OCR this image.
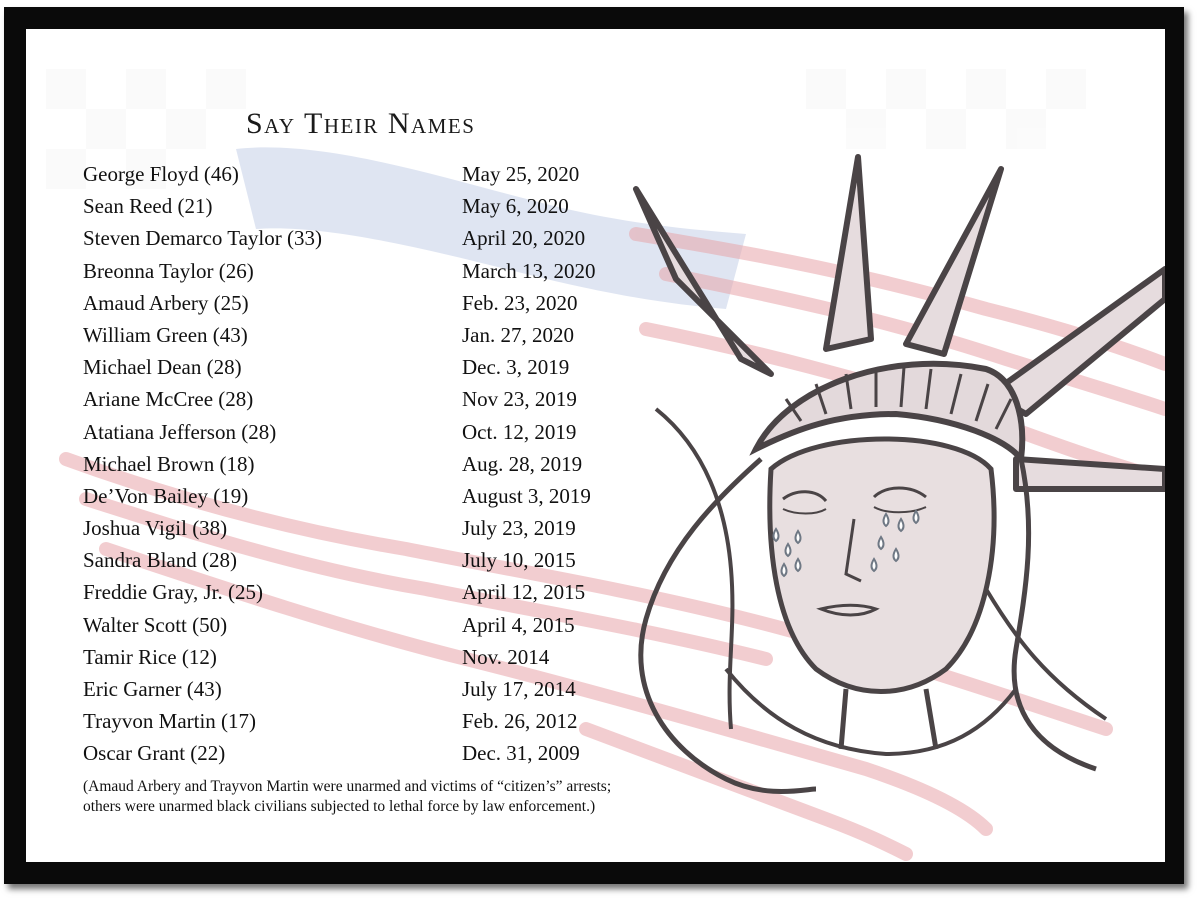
Say Their Names
George Floyd (46)	May 25, 2020
Sean Reed (21)	May 6, 2020
Steven Demarco Taylor (33)	April 20, 2020
Breonna Taylor (26)	March 13, 2020
Amaud Arbery (25)	Feb. 23, 2020
William Green (43)	Jan. 27, 2020
Michael Dean (28)	Dec. 3, 2019
Ariane McCree (28)	Nov 23, 2019
Atatiana Jefferson (28)	Oct. 12, 2019
Michael Brown (18)	Aug. 28, 2019
De’Von Bailey (19)	August 3, 2019
Joshua Vigil (38)	July 23, 2019
Sandra Bland (28)	July 10, 2015
Freddie Gray, Jr. (25)	April 12, 2015
Walter Scott (50)	April 4, 2015
Tamir Rice (12)	Nov. 2014
Eric Garner (43)	July 17, 2014
Trayvon Martin (17)	Feb. 26, 2012
Oscar Grant (22)	Dec. 31, 2009

(Amaud Arbery and Trayvon Martin were unarmed and victims of “citizen’s” arrests;
others were unarmed black civilians subjected to lethal force by law enforcement.)
